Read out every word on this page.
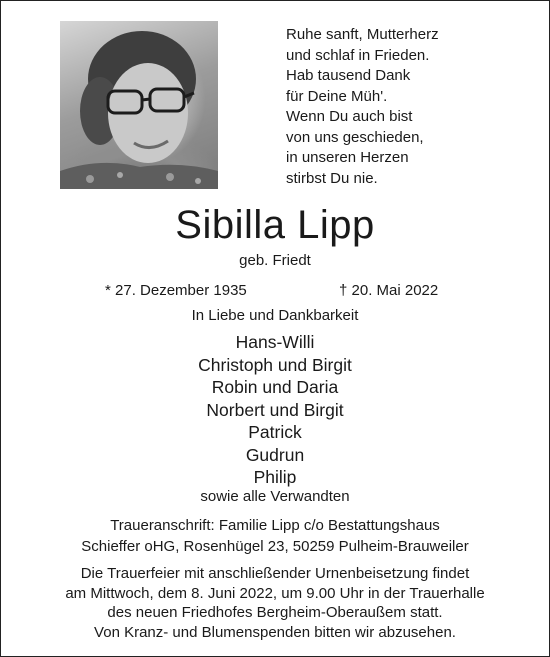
Ruhe sanft, Mutterherz
und schlaf in Frieden.
Hab tausend Dank
für Deine Müh'.
Wenn Du auch bist
von uns geschieden,
in unseren Herzen
stirbst Du nie.
Sibilla Lipp
geb. Friedt
* 27. Dezember 1935	† 20. Mai 2022
In Liebe und Dankbarkeit
Hans-Willi
Christoph und Birgit
Robin und Daria
Norbert und Birgit
Patrick
Gudrun
Philip
sowie alle Verwandten
Traueranschrift: Familie Lipp c/o Bestattungshaus
Schieffer oHG, Rosenhügel 23, 50259 Pulheim-Brauweiler
Die Trauerfeier mit anschließender Urnenbeisetzung findet
am Mittwoch, dem 8. Juni 2022, um 9.00 Uhr in der Trauerhalle
des neuen Friedhofes Bergheim-Oberaußem statt.
Von Kranz- und Blumenspenden bitten wir abzusehen.
